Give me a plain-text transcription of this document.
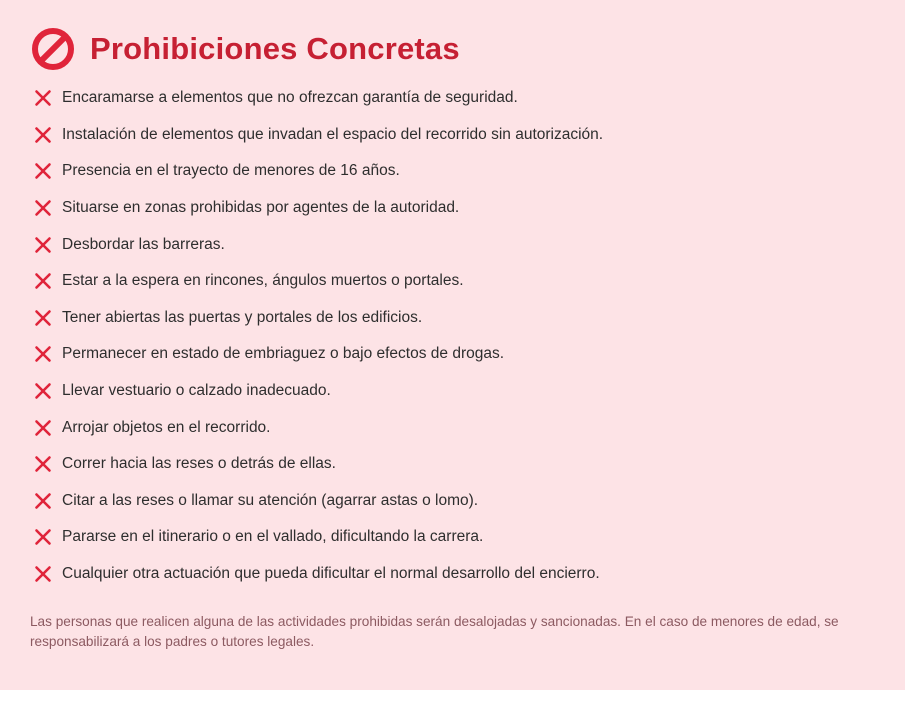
Prohibiciones Concretas
Encaramarse a elementos que no ofrezcan garantía de seguridad.
Instalación de elementos que invadan el espacio del recorrido sin autorización.
Presencia en el trayecto de menores de 16 años.
Situarse en zonas prohibidas por agentes de la autoridad.
Desbordar las barreras.
Estar a la espera en rincones, ángulos muertos o portales.
Tener abiertas las puertas y portales de los edificios.
Permanecer en estado de embriaguez o bajo efectos de drogas.
Llevar vestuario o calzado inadecuado.
Arrojar objetos en el recorrido.
Correr hacia las reses o detrás de ellas.
Citar a las reses o llamar su atención (agarrar astas o lomo).
Pararse en el itinerario o en el vallado, dificultando la carrera.
Cualquier otra actuación que pueda dificultar el normal desarrollo del encierro.

Las personas que realicen alguna de las actividades prohibidas serán desalojadas y sancionadas. En el caso de menores de edad, se responsabilizará a los padres o tutores legales.
